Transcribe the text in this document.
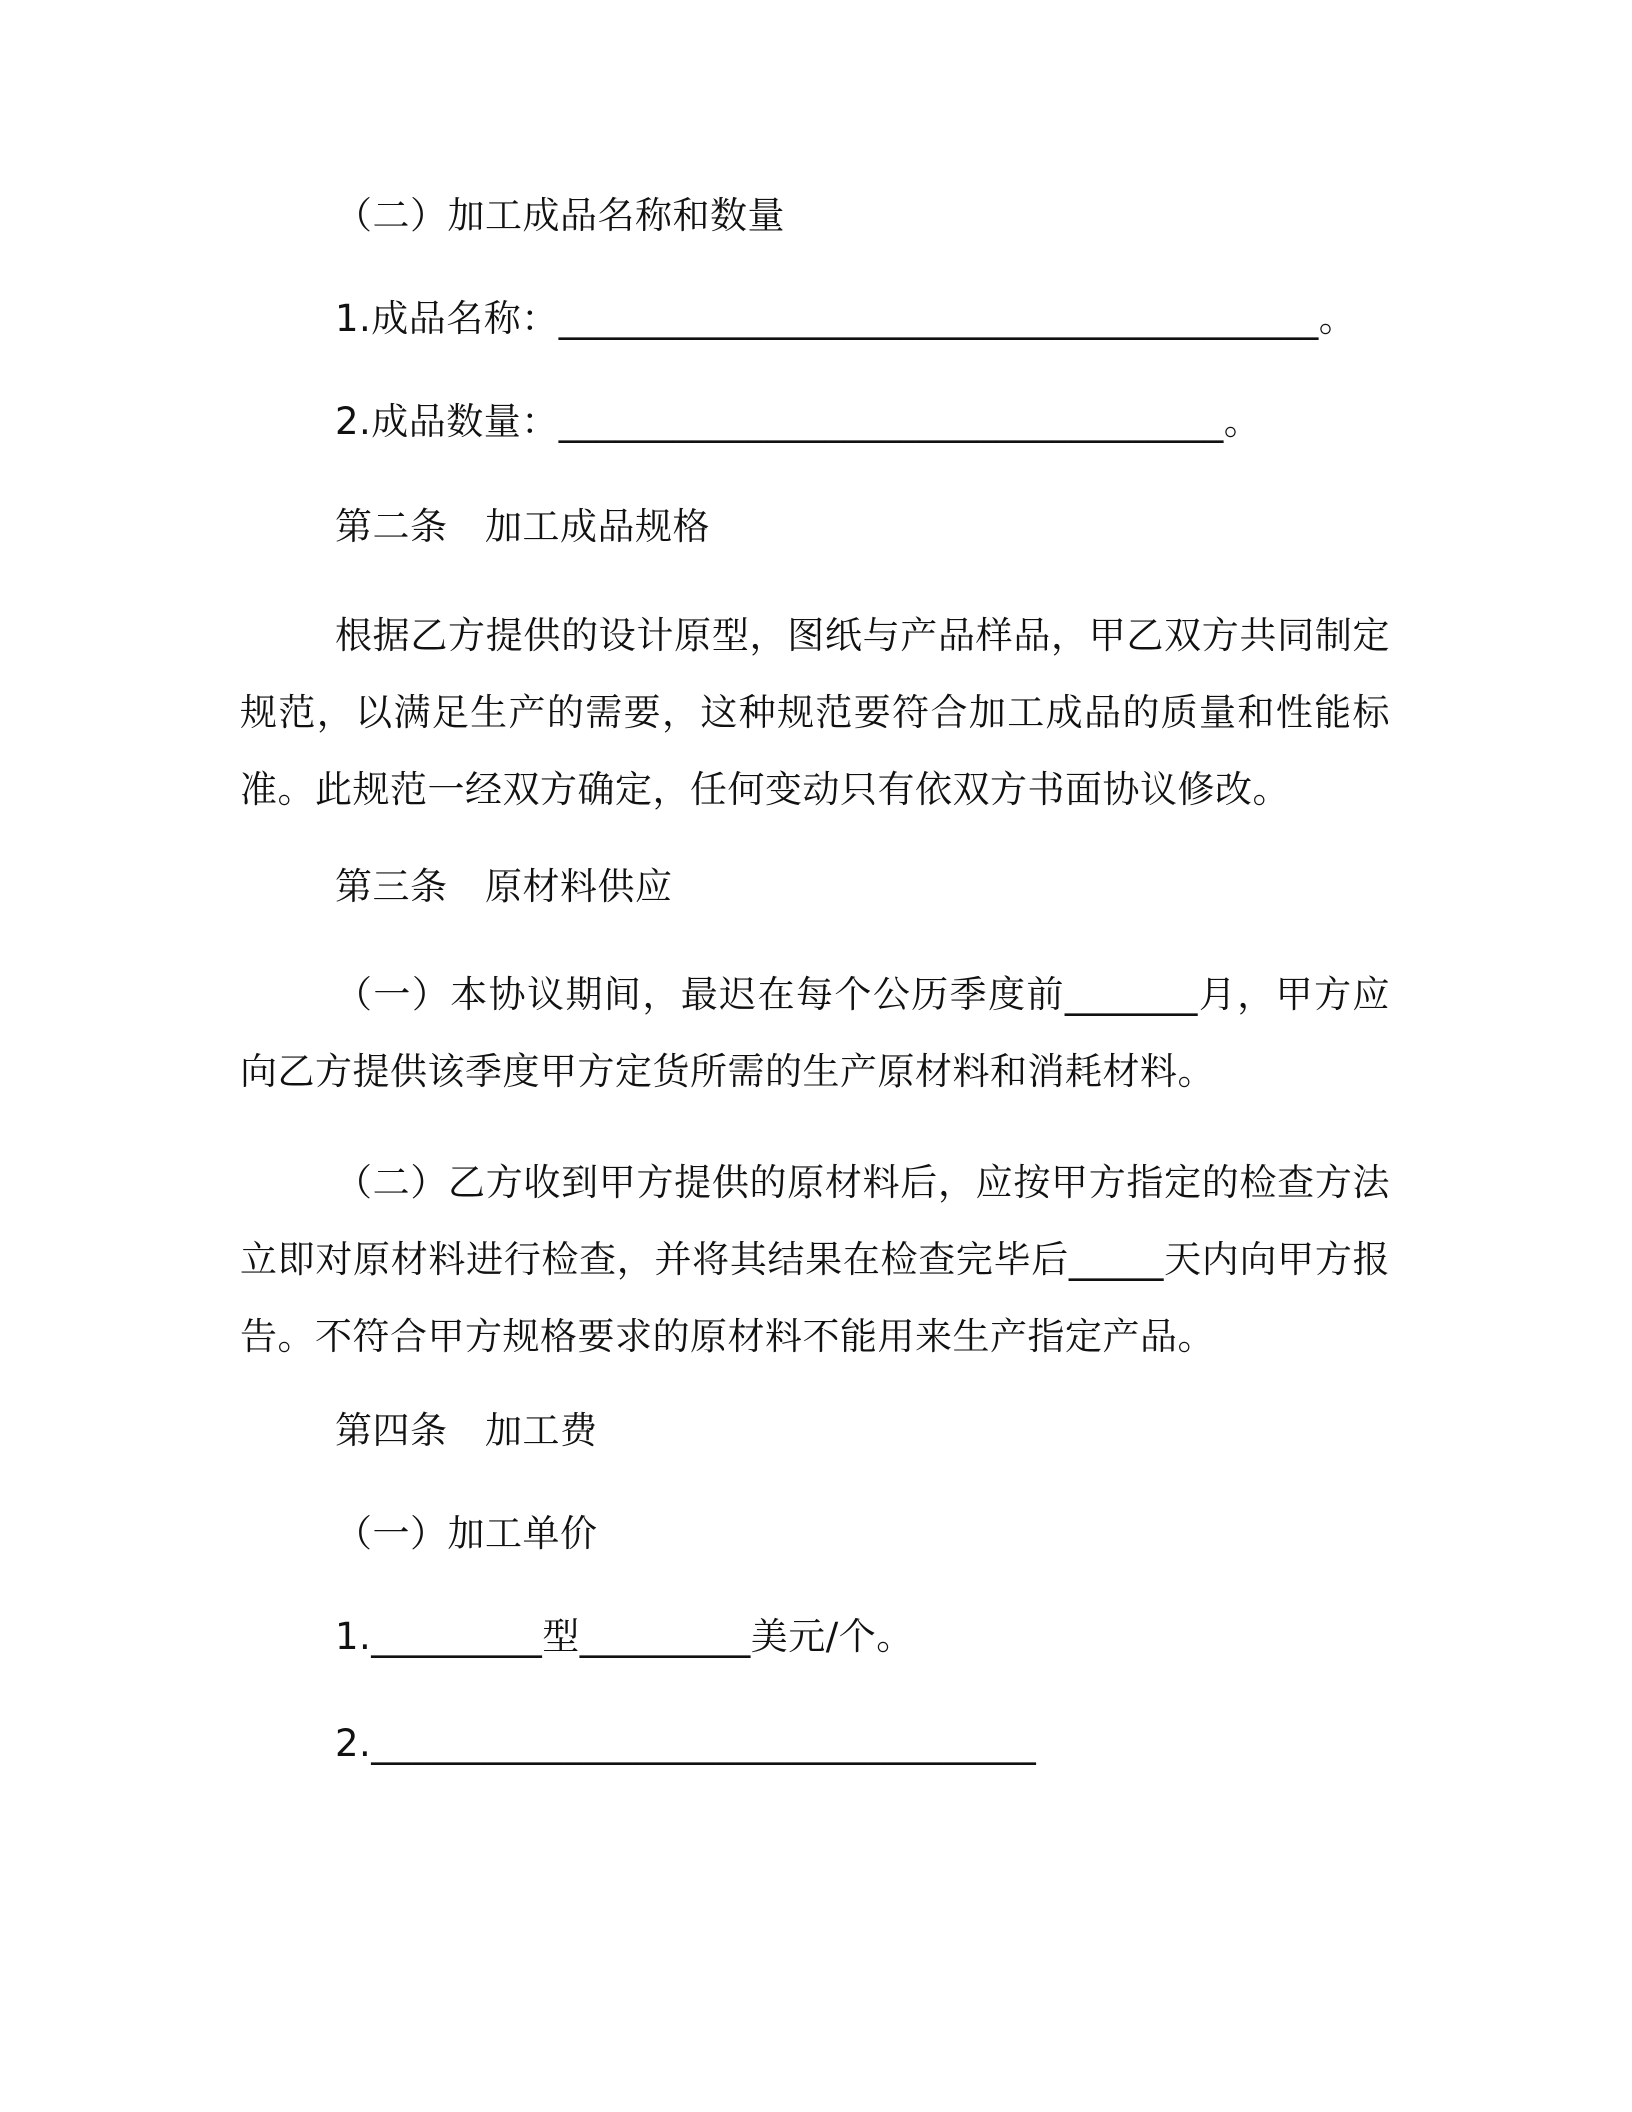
（二）加工成品名称和数量
1.成品名称：________________________________________。
2.成品数量：___________________________________。
第二条　加工成品规格

根据乙方提供的设计原型，图纸与产品样品，甲乙双方共同制定规范，以满足生产的需要，这种规范要符合加工成品的质量和性能标准。此规范一经双方确定，任何变动只有依双方书面协议修改。

第三条　原材料供应

（一）本协议期间，最迟在每个公历季度前_______月，甲方应向乙方提供该季度甲方定货所需的生产原材料和消耗材料。

（二）乙方收到甲方提供的原材料后，应按甲方指定的检查方法立即对原材料进行检查，并将其结果在检查完毕后_____天内向甲方报告。不符合甲方规格要求的原材料不能用来生产指定产品。

第四条　加工费
（一）加工单价
1._________型_________美元/个。
2.___________________________________
